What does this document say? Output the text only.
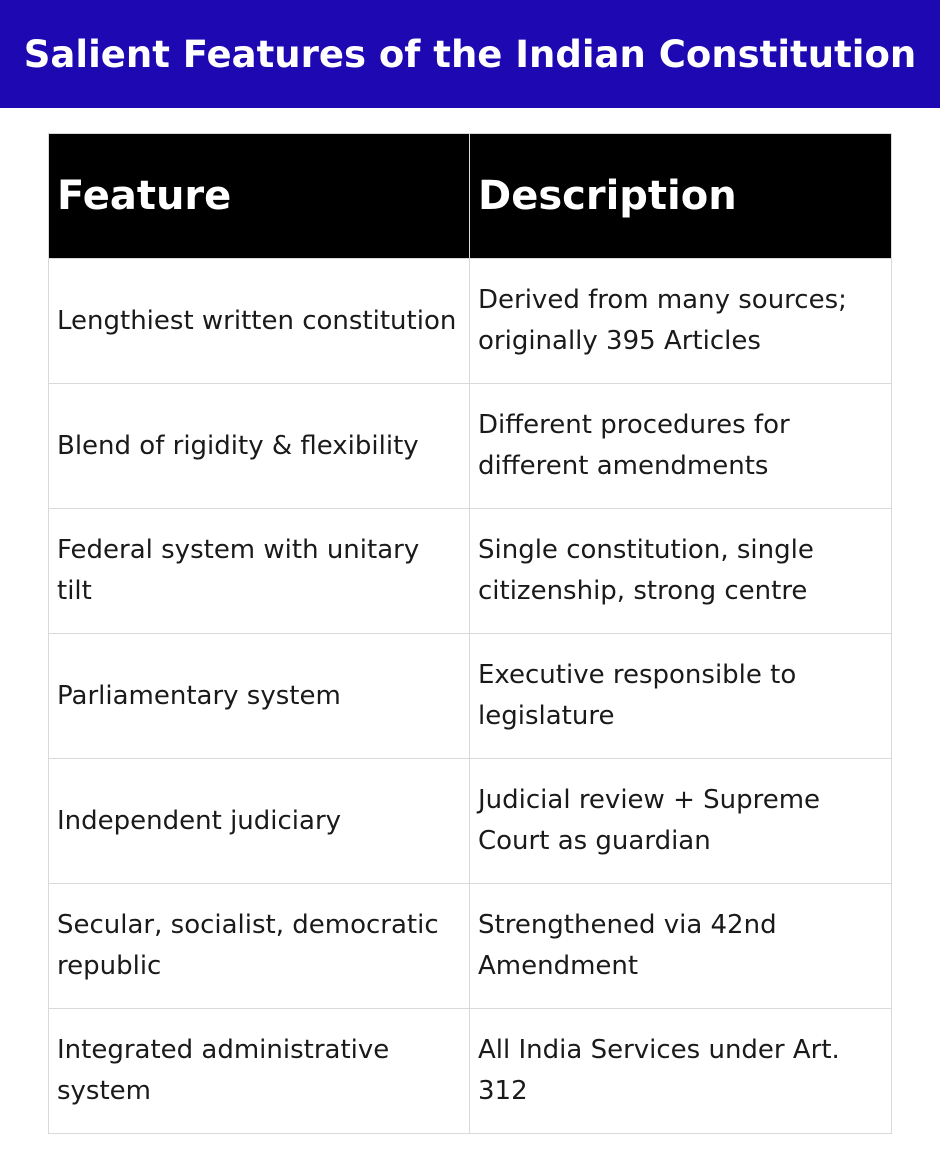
Salient Features of the Indian Constitution
Feature	Description
Lengthiest written constitution	Derived from many sources; originally 395 Articles
Blend of rigidity & flexibility	Different procedures for different amendments
Federal system with unitary tilt	Single constitution, single citizenship, strong centre
Parliamentary system	Executive responsible to legislature
Independent judiciary	Judicial review + Supreme Court as guardian
Secular, socialist, democratic republic	Strengthened via 42nd Amendment
Integrated administrative system	All India Services under Art. 312
